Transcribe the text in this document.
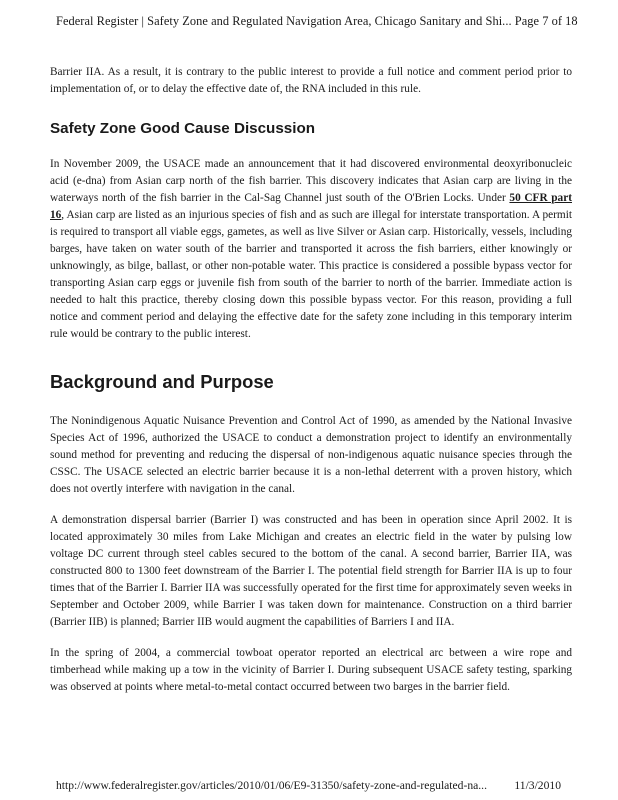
Federal Register | Safety Zone and Regulated Navigation Area, Chicago Sanitary and Shi... Page 7 of 18

Barrier IIA. As a result, it is contrary to the public interest to provide a full notice and comment period prior to implementation of, or to delay the effective date of, the RNA included in this rule.

Safety Zone Good Cause Discussion

In November 2009, the USACE made an announcement that it had discovered environmental deoxyribonucleic acid (e-dna) from Asian carp north of the fish barrier. This discovery indicates that Asian carp are living in the waterways north of the fish barrier in the Cal-Sag Channel just south of the O'Brien Locks. Under 50 CFR part 16, Asian carp are listed as an injurious species of fish and as such are illegal for interstate transportation. A permit is required to transport all viable eggs, gametes, as well as live Silver or Asian carp. Historically, vessels, including barges, have taken on water south of the barrier and transported it across the fish barriers, either knowingly or unknowingly, as bilge, ballast, or other non-potable water. This practice is considered a possible bypass vector for transporting Asian carp eggs or juvenile fish from south of the barrier to north of the barrier. Immediate action is needed to halt this practice, thereby closing down this possible bypass vector. For this reason, providing a full notice and comment period and delaying the effective date for the safety zone including in this temporary interim rule would be contrary to the public interest.

Background and Purpose

The Nonindigenous Aquatic Nuisance Prevention and Control Act of 1990, as amended by the National Invasive Species Act of 1996, authorized the USACE to conduct a demonstration project to identify an environmentally sound method for preventing and reducing the dispersal of non-indigenous aquatic nuisance species through the CSSC. The USACE selected an electric barrier because it is a non-lethal deterrent with a proven history, which does not overtly interfere with navigation in the canal.

A demonstration dispersal barrier (Barrier I) was constructed and has been in operation since April 2002. It is located approximately 30 miles from Lake Michigan and creates an electric field in the water by pulsing low voltage DC current through steel cables secured to the bottom of the canal. A second barrier, Barrier IIA, was constructed 800 to 1300 feet downstream of the Barrier I. The potential field strength for Barrier IIA is up to four times that of the Barrier I. Barrier IIA was successfully operated for the first time for approximately seven weeks in September and October 2009, while Barrier I was taken down for maintenance. Construction on a third barrier (Barrier IIB) is planned; Barrier IIB would augment the capabilities of Barriers I and IIA.

In the spring of 2004, a commercial towboat operator reported an electrical arc between a wire rope and timberhead while making up a tow in the vicinity of Barrier I. During subsequent USACE safety testing, sparking was observed at points where metal-to-metal contact occurred between two barges in the barrier field.

http://www.federalregister.gov/articles/2010/01/06/E9-31350/safety-zone-and-regulated-na... 11/3/2010
